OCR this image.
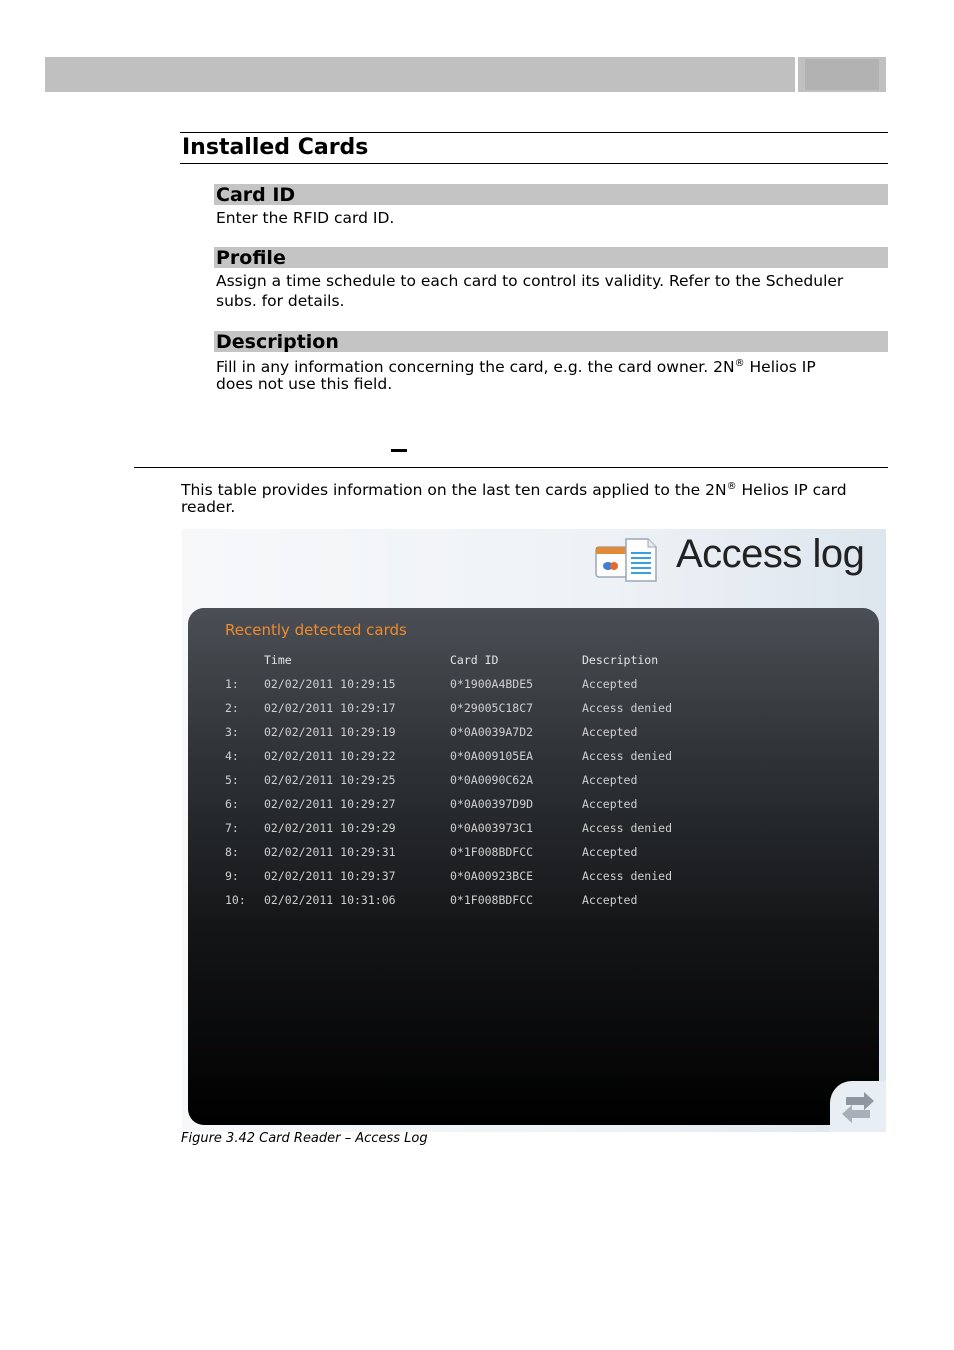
Installed Cards
Card ID
Enter the RFID card ID.
Profile
Assign a time schedule to each card to control its validity. Refer to the Scheduler
subs. for details.
Description
Fill in any information concerning the card, e.g. the card owner. 2N® Helios IP
does not use this field.
This table provides information on the last ten cards applied to the 2N® Helios IP card
reader.
Access log
Recently detected cards
Time	Card ID	Description
1: 02/02/2011 10:29:15	0*1900A4BDE5	Accepted
2: 02/02/2011 10:29:17	0*29005C18C7	Access denied
3: 02/02/2011 10:29:19	0*0A0039A7D2	Accepted
4: 02/02/2011 10:29:22	0*0A009105EA	Access denied
5: 02/02/2011 10:29:25	0*0A0090C62A	Accepted
6: 02/02/2011 10:29:27	0*0A00397D9D	Accepted
7: 02/02/2011 10:29:29	0*0A003973C1	Access denied
8: 02/02/2011 10:29:31	0*1F008BDFCC	Accepted
9: 02/02/2011 10:29:37	0*0A00923BCE	Access denied
10: 02/02/2011 10:31:06	0*1F008BDFCC	Accepted
Figure 3.42 Card Reader – Access Log
